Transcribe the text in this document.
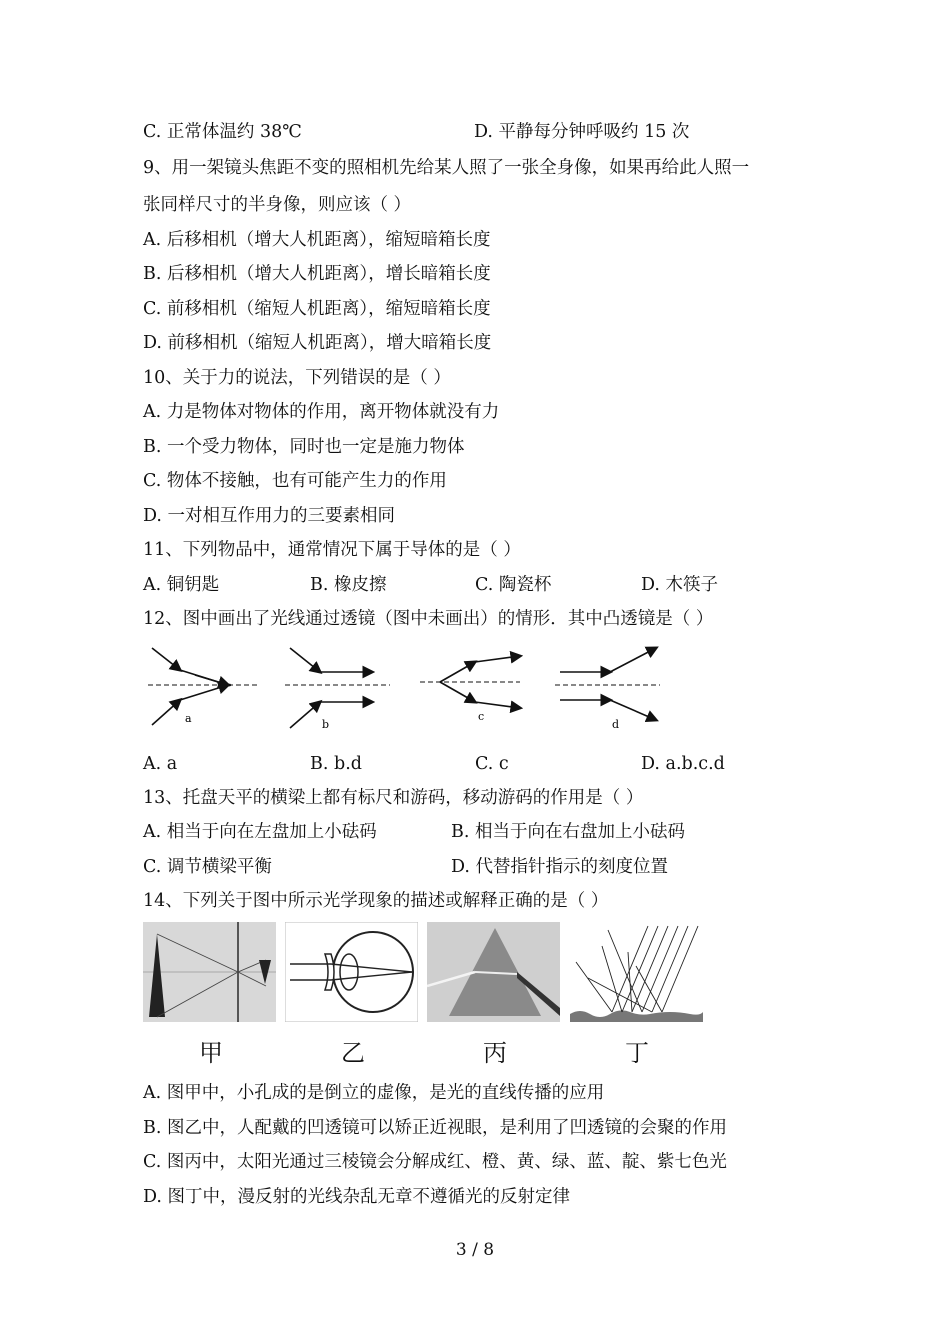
C. 正常体温约 38℃	D. 平静每分钟呼吸约 15 次
9、用一架镜头焦距不变的照相机先给某人照了一张全身像，如果再给此人照一
张同样尺寸的半身像，则应该（ ）
A. 后移相机（增大人机距离），缩短暗箱长度
B. 后移相机（增大人机距离），增长暗箱长度
C. 前移相机（缩短人机距离），缩短暗箱长度
D. 前移相机（缩短人机距离），增大暗箱长度
10、关于力的说法，下列错误的是（ ）
A. 力是物体对物体的作用，离开物体就没有力
B. 一个受力物体，同时也一定是施力物体
C. 物体不接触，也有可能产生力的作用
D. 一对相互作用力的三要素相同
11、下列物品中，通常情况下属于导体的是（ ）
A. 铜钥匙	B. 橡皮擦	C. 陶瓷杯	D. 木筷子
12、图中画出了光线通过透镜（图中未画出）的情形．其中凸透镜是（ ）
a	b
c
d
A. a	B. b.d	C. c	D. a.b.c.d
13、托盘天平的横梁上都有标尺和游码，移动游码的作用是（ ）
A. 相当于向在左盘加上小砝码	B. 相当于向在右盘加上小砝码
C. 调节横梁平衡	D. 代替指针指示的刻度位置
14、下列关于图中所示光学现象的描述或解释正确的是（ ）
甲	乙	丙	丁
A. 图甲中，小孔成的是倒立的虚像，是光的直线传播的应用
B. 图乙中，人配戴的凹透镜可以矫正近视眼，是利用了凹透镜的会聚的作用
C. 图丙中，太阳光通过三棱镜会分解成红、橙、黄、绿、蓝、靛、紫七色光
D. 图丁中，漫反射的光线杂乱无章不遵循光的反射定律
3 / 8
